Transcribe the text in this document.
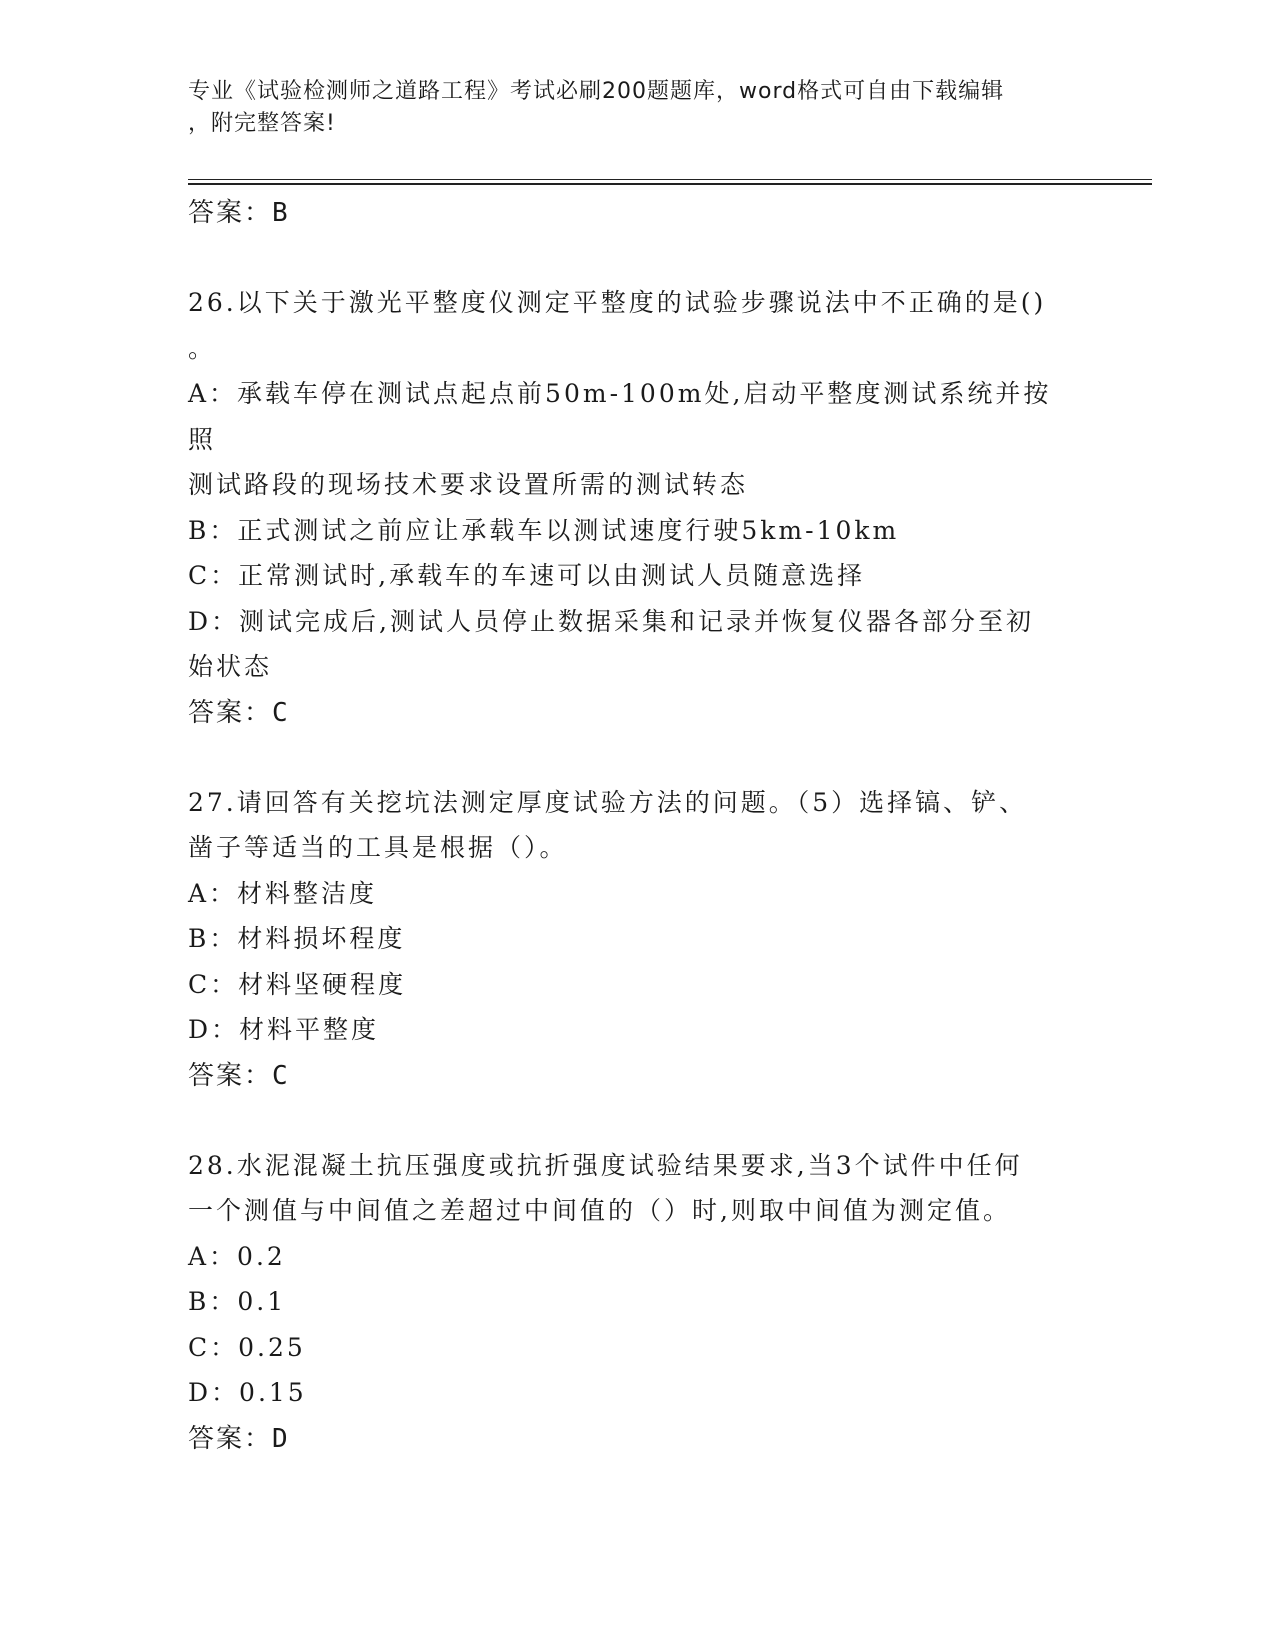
专业《试验检测师之道路工程》考试必刷200题题库，word格式可自由下载编辑
，附完整答案!

答案：B

26.以下关于激光平整度仪测定平整度的试验步骤说法中不正确的是()
。

A：承载车停在测试点起点前50m-100m处,启动平整度测试系统并按照
测试路段的现场技术要求设置所需的测试转态

B：正式测试之前应让承载车以测试速度行驶5km-10km

C：正常测试时,承载车的车速可以由测试人员随意选择

D：测试完成后,测试人员停止数据采集和记录并恢复仪器各部分至初
始状态

答案：C

27.请回答有关挖坑法测定厚度试验方法的问题。（5）选择镐、铲、
凿子等适当的工具是根据（）。

A：材料整洁度

B：材料损坏程度

C：材料坚硬程度

D：材料平整度

答案：C

28.水泥混凝土抗压强度或抗折强度试验结果要求,当3个试件中任何
一个测值与中间值之差超过中间值的（）时,则取中间值为测定值。

A：0.2

B：0.1

C：0.25

D：0.15

答案：D
